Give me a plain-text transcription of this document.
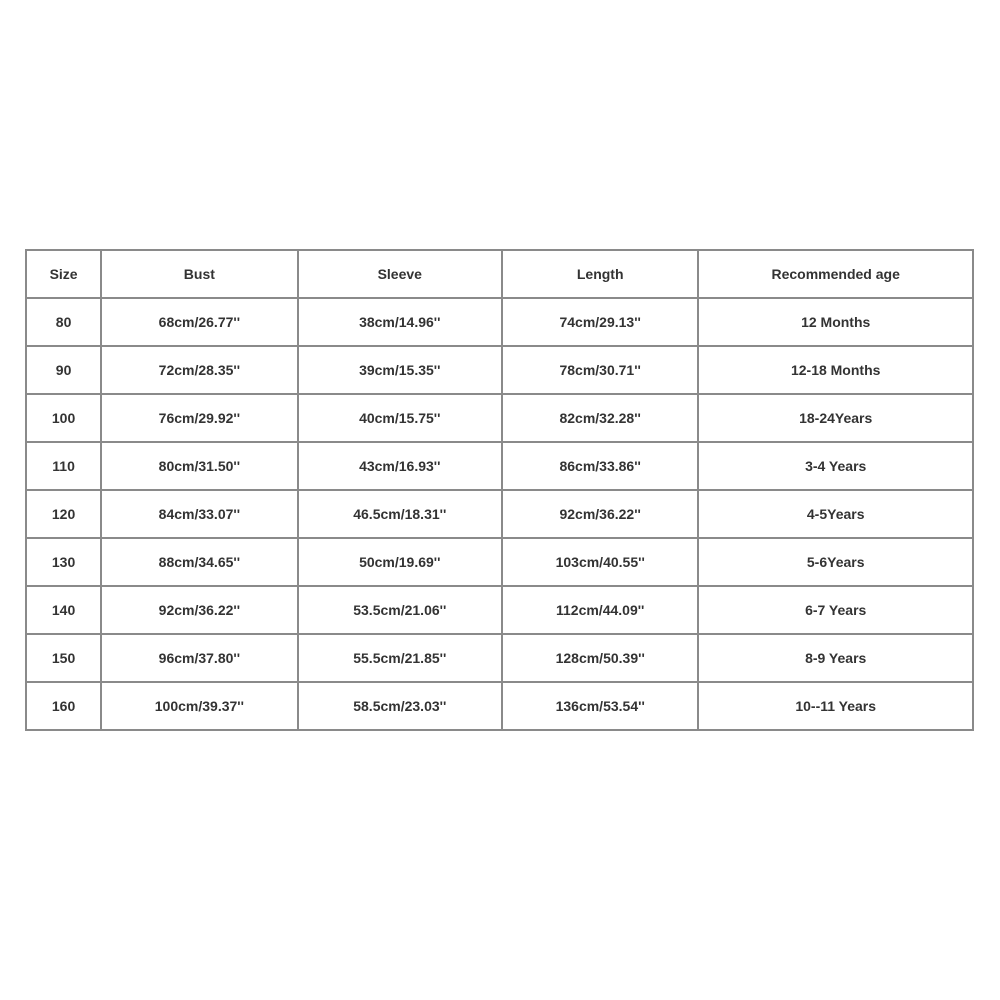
Size	Bust	Sleeve	Length	Recommended age
80	68cm/26.77''	38cm/14.96''	74cm/29.13''	12 Months
90	72cm/28.35''	39cm/15.35''	78cm/30.71''	12-18 Months
100	76cm/29.92''	40cm/15.75''	82cm/32.28''	18-24Years
110	80cm/31.50''	43cm/16.93''	86cm/33.86''	3-4 Years
120	84cm/33.07''	46.5cm/18.31''	92cm/36.22''	4-5Years
130	88cm/34.65''	50cm/19.69''	103cm/40.55''	5-6Years
140	92cm/36.22''	53.5cm/21.06''	112cm/44.09''	6-7 Years
150	96cm/37.80''	55.5cm/21.85''	128cm/50.39''	8-9 Years
160	100cm/39.37''	58.5cm/23.03''	136cm/53.54''	10--11 Years
